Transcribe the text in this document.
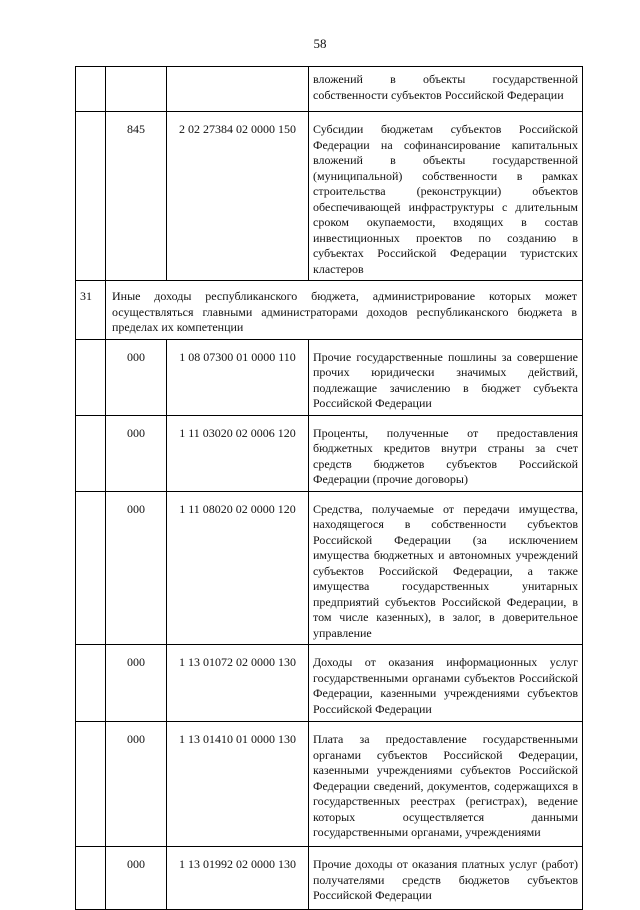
58
			вложений в объекты государственной собственности субъектов Российской Федерации
	845	2 02 27384 02 0000 150	Субсидии бюджетам субъектов Российской Федерации на софинансирование капитальных вложений в объекты государственной (муниципальной) собственности в рамках строительства (реконструкции) объектов обеспечивающей инфраструктуры с длительным сроком окупаемости, входящих в состав инвестиционных проектов по созданию в субъектах Российской Федерации туристских кластеров
31	Иные доходы республиканского бюджета, администрирование которых может осуществляться главными администраторами доходов республиканского бюджета в пределах их компетенции		
	000	1 08 07300 01 0000 110	Прочие государственные пошлины за совершение прочих юридически значимых действий, подлежащие зачислению в бюджет субъекта Российской Федерации
	000	1 11 03020 02 0006 120	Проценты, полученные от предоставления бюджетных кредитов внутри страны за счет средств бюджетов субъектов Российской Федерации (прочие договоры)
	000	1 11 08020 02 0000 120	Средства, получаемые от передачи имущества, находящегося в собственности субъектов Российской Федерации (за исключением имущества бюджетных и автономных учреждений субъектов Российской Федерации, а также имущества государственных унитарных предприятий субъектов Российской Федерации, в том числе казенных), в залог, в доверительное управление
	000	1 13 01072 02 0000 130	Доходы от оказания информационных услуг государственными органами субъектов Российской Федерации, казенными учреждениями субъектов Российской Федерации
	000	1 13 01410 01 0000 130	Плата за предоставление государственными органами субъектов Российской Федерации, казенными учреждениями субъектов Российской Федерации сведений, документов, содержащихся в государственных реестрах (регистрах), ведение которых осуществляется данными государственными органами, учреждениями
	000	1 13 01992 02 0000 130	Прочие доходы от оказания платных услуг (работ) получателями средств бюджетов субъектов Российской Федерации
